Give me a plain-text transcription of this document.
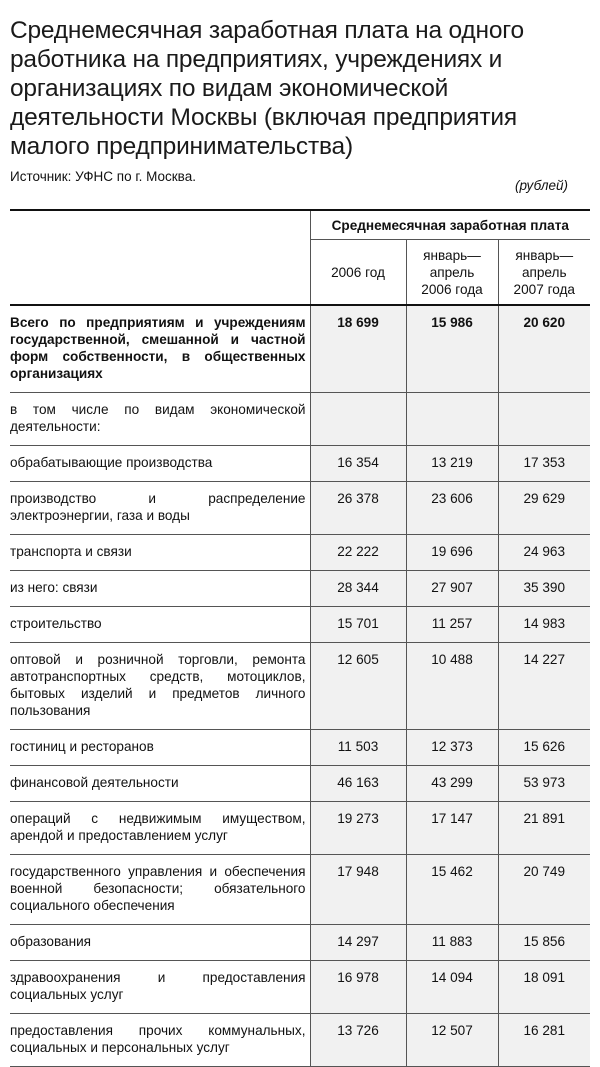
Среднемесячная заработная плата на одного работника на предприятиях, учреждениях и организациях по видам экономической деятельности Москвы (включая предприятия малого предпринимательства)
Источник: УФНС по г. Москва.
(рублей)
	Среднемесячная заработная плата		
	2006 год	январь—апрель 2006 года	январь—апрель 2007 года
Всего по предприятиям и учреждениям государственной, смешанной и частной форм собственности, в общественных организациях	18 699	15 986	20 620
в том числе по видам экономической деятельности:			
обрабатывающие производства	16 354	13 219	17 353
производство и распределение электроэнергии, газа и воды	26 378	23 606	29 629
транспорта и связи	22 222	19 696	24 963
из него: связи	28 344	27 907	35 390
строительство	15 701	11 257	14 983
оптовой и розничной торговли, ремонта автотранспортных средств, мотоциклов, бытовых изделий и предметов личного пользования	12 605	10 488	14 227
гостиниц и ресторанов	11 503	12 373	15 626
финансовой деятельности	46 163	43 299	53 973
операций с недвижимым имуществом, арендой и предоставлением услуг	19 273	17 147	21 891
государственного управления и обеспечения военной безопасности; обязательного социального обеспечения	17 948	15 462	20 749
образования	14 297	11 883	15 856
здравоохранения и предоставления социальных услуг	16 978	14 094	18 091
предоставления прочих коммунальных, социальных и персональных услуг	13 726	12 507	16 281
